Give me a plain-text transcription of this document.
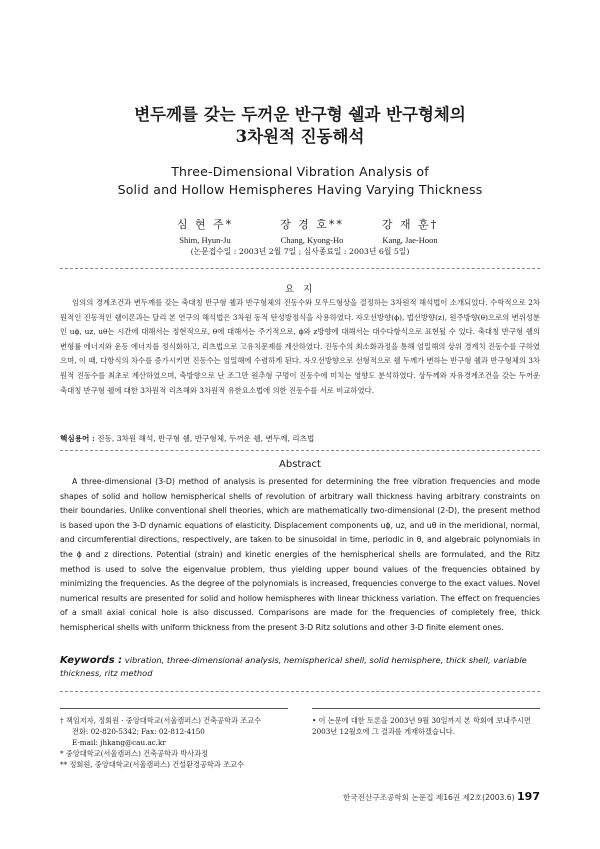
변두께를 갖는 두꺼운 반구형 쉘과 반구형체의
3차원적 진동해석
Three-Dimensional Vibration Analysis of
Solid and Hollow Hemispheres Having Varying Thickness
심 현 주*
Shim, Hyun-Ju
장 경 호**
Chang, Kyong-Ho
강 재 훈†
Kang, Jae-Hoon
(논문접수일 : 2003년 2월 7일 ; 심사종료일 : 2003년 6월 5일)
요 지
임의의 경계조건과 변두께를 갖는 축대칭 반구형 쉘과 반구형체의 진동수와 모우드형상을 결정하는 3차원적 해석법이 소개되었다. 수학적으로 2차원적인 진동적인 쉘이론과는 달리 본 연구의 해석법은 3차원 동적 탄성방정식을 사용하였다. 자오선방향(ϕ), 법선방향(z), 원주방향(θ)으로의 변위성분인 uϕ, uz, uθ는 시간에 대해서는 정현적으로, θ에 대해서는 주기적으로, ϕ와 z방향에 대해서는 대수다항식으로 표현될 수 있다. 축대칭 반구형 쉘의 변형률 에너지와 운동 에너지를 정식화하고, 리츠법으로 고유치문제를 계산하였다. 진동수의 최소화과정을 통해 엄밀해의 상위 경계치 진동수를 구하였으며, 이 때, 다항식의 차수를 증가시키면 진동수는 엄밀해에 수렴하게 된다. 자오선방향으로 선형적으로 쉘 두께가 변하는 반구형 쉘과 반구형체의 3차원적 진동수를 최초로 계산하였으며, 축방향으로 난 조그만 원추형 구멍이 진동수에 미치는 영향도 분석하였다. 상두께와 자유경계조건을 갖는 두꺼운 축대칭 반구형 쉘에 대한 3차원적 리츠해와 3차원적 유한요소법에 의한 진동수를 서로 비교하였다.
핵심용어 : 진동, 3차원 해석, 반구형 쉘, 반구형체, 두꺼운 쉘, 변두께, 리츠법
Abstract
A three-dimensional (3-D) method of analysis is presented for determining the free vibration frequencies and mode shapes of solid and hollow hemispherical shells of revolution of arbitrary wall thickness having arbitrary constraints on their boundaries. Unlike conventional shell theories, which are mathematically two-dimensional (2-D), the present method is based upon the 3-D dynamic equations of elasticity. Displacement components uϕ, uz, and uθ in the meridional, normal, and circumferential directions, respectively, are taken to be sinusoidal in time, periodic in θ, and algebraic polynomials in the ϕ and z directions. Potential (strain) and kinetic energies of the hemispherical shells are formulated, and the Ritz method is used to solve the eigenvalue problem, thus yielding upper bound values of the frequencies obtained by minimizing the frequencies. As the degree of the polynomials is increased, frequencies converge to the exact values. Novel numerical results are presented for solid and hollow hemispheres with linear thickness variation. The effect on frequencies of a small axial conical hole is also discussed. Comparisons are made for the frequencies of completely free, thick hemispherical shells with uniform thickness from the present 3-D Ritz solutions and other 3-D finite element ones.
Keywords : vibration, three-dimensional analysis, hemispherical shell, solid hemisphere, thick shell, variable thickness, ritz method
† 책임저자, 정회원 · 중앙대학교(서울캠퍼스) 건축공학과 조교수
전화: 02-820-5342; Fax: 02-812-4150
E-mail: jhkang@cau.ac.kr
* 중앙대학교(서울캠퍼스) 건축공학과 박사과정
** 정회원, 중앙대학교(서울캠퍼스) 건설환경공학과 조교수
• 이 논문에 대한 토론을 2003년 9월 30일까지 본 학회에 보내주시면 2003년 12월호에 그 결과를 게재하겠습니다.
한국전산구조공학회 논문집 제16권 제2호(2003.6) 197
